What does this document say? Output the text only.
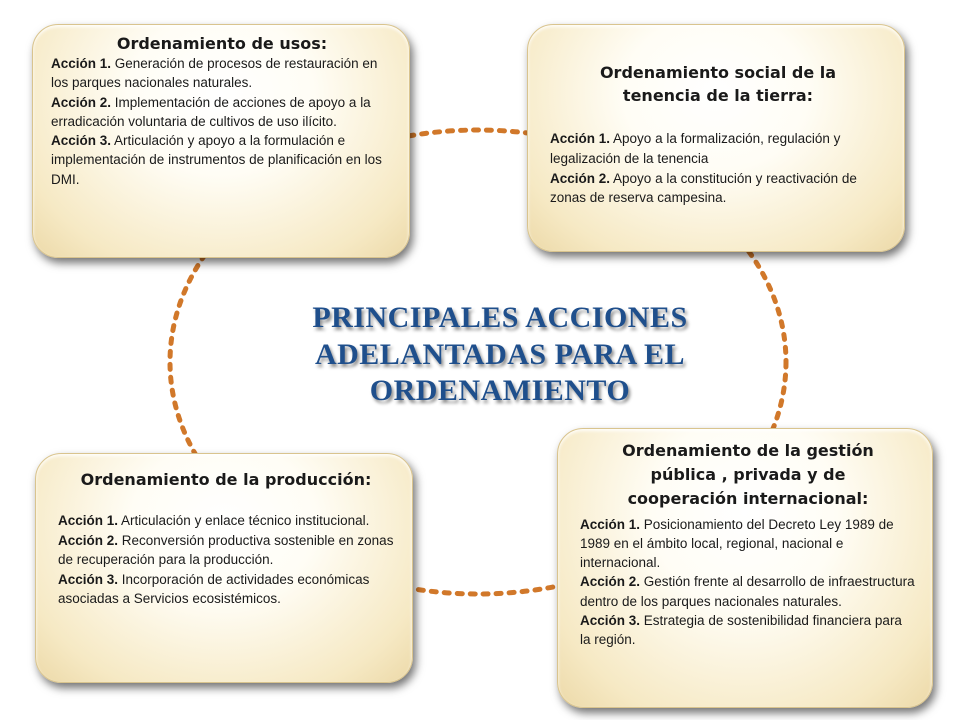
Ordenamiento de usos:

Acción 1. Generación de procesos de restauración en los parques nacionales naturales.

Acción 2. Implementación de acciones de apoyo a la erradicación voluntaria de cultivos de uso ilícito.

Acción 3. Articulación y apoyo a la formulación e implementación de instrumentos de planificación en los DMI.

Ordenamiento social de la tenencia de la tierra:

Acción 1. Apoyo a la formalización, regulación y legalización de la tenencia

Acción 2. Apoyo a la constitución y reactivación de zonas de reserva campesina.

Ordenamiento de la producción:

Acción 1. Articulación y enlace técnico institucional.

Acción 2. Reconversión productiva sostenible en zonas de recuperación para la producción.

Acción 3. Incorporación de actividades económicas asociadas a Servicios ecosistémicos.

Ordenamiento de la gestión pública , privada y de cooperación internacional:

Acción 1. Posicionamiento del Decreto Ley 1989 de 1989 en el ámbito local, regional, nacional e internacional.

Acción 2. Gestión frente al desarrollo de infraestructura dentro de los parques nacionales naturales.

Acción 3. Estrategia de sostenibilidad financiera para la región.

PRINCIPALES ACCIONES ADELANTADAS PARA EL ORDENAMIENTO
